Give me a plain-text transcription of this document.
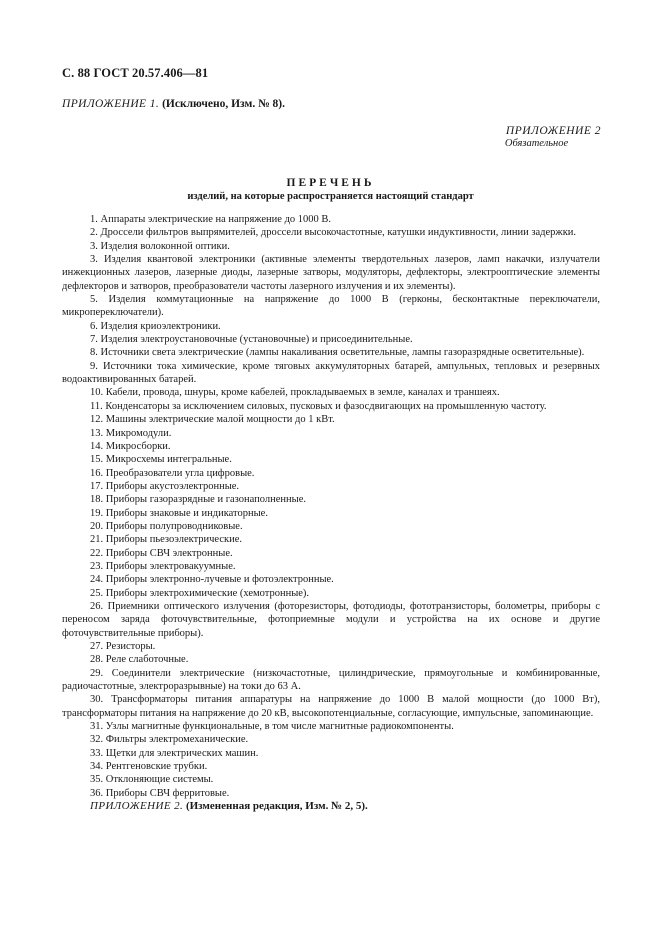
С. 88 ГОСТ 20.57.406—81
ПРИЛОЖЕНИЕ 1. (Исключено, Изм. № 8).
ПРИЛОЖЕНИЕ 2
Обязательное
ПЕРЕЧЕНЬ
изделий, на которые распространяется настоящий стандарт

1. Аппараты электрические на напряжение до 1000 В.

2. Дроссели фильтров выпрямителей, дроссели высокочастотные, катушки индуктивности, линии задержки.

3. Изделия волоконной оптики.

3. Изделия квантовой электроники (активные элементы твердотельных лазеров, ламп накачки, излучатели инжекционных лазеров, лазерные диоды, лазерные затворы, модуляторы, дефлекторы, электрооптические элементы дефлекторов и затворов, преобразователи частоты лазерного излучения и их элементы).

5. Изделия коммутационные на напряжение до 1000 В (герконы, бесконтактные переключатели, микропереключатели).

6. Изделия криоэлектроники.

7. Изделия электроустановочные (установочные) и присоединительные.

8. Источники света электрические (лампы накаливания осветительные, лампы газоразрядные осветительные).

9. Источники тока химические, кроме тяговых аккумуляторных батарей, ампульных, тепловых и резервных водоактивированных батарей.

10. Кабели, провода, шнуры, кроме кабелей, прокладываемых в земле, каналах и траншеях.

11. Конденсаторы за исключением силовых, пусковых и фазосдвигающих на промышленную частоту.

12. Машины электрические малой мощности до 1 кВт.

13. Микромодули.

14. Микросборки.

15. Микросхемы интегральные.

16. Преобразователи угла цифровые.

17. Приборы акустоэлектронные.

18. Приборы газоразрядные и газонаполненные.

19. Приборы знаковые и индикаторные.

20. Приборы полупроводниковые.

21. Приборы пьезоэлектрические.

22. Приборы СВЧ электронные.

23. Приборы электровакуумные.

24. Приборы электронно-лучевые и фотоэлектронные.

25. Приборы электрохимические (хемотронные).

26. Приемники оптического излучения (фоторезисторы, фотодиоды, фототранзисторы, болометры, приборы с переносом заряда фоточувствительные, фотоприемные модули и устройства на их основе и другие фоточувствительные приборы).

27. Резисторы.

28. Реле слаботочные.

29. Соединители электрические (низкочастотные, цилиндрические, прямоугольные и комбинированные, радиочастотные, электроразрывные) на токи до 63 А.

30. Трансформаторы питания аппаратуры на напряжение до 1000 В малой мощности (до 1000 Вт), трансформаторы питания на напряжение до 20 кВ, высокопотенциальные, согласующие, импульсные, запоминающие.

31. Узлы магнитные функциональные, в том числе магнитные радиокомпоненты.

32. Фильтры электромеханические.

33. Щетки для электрических машин.

34. Рентгеновские трубки.

35. Отклоняющие системы.

36. Приборы СВЧ ферритовые.

ПРИЛОЖЕНИЕ 2. (Измененная редакция, Изм. № 2, 5).
